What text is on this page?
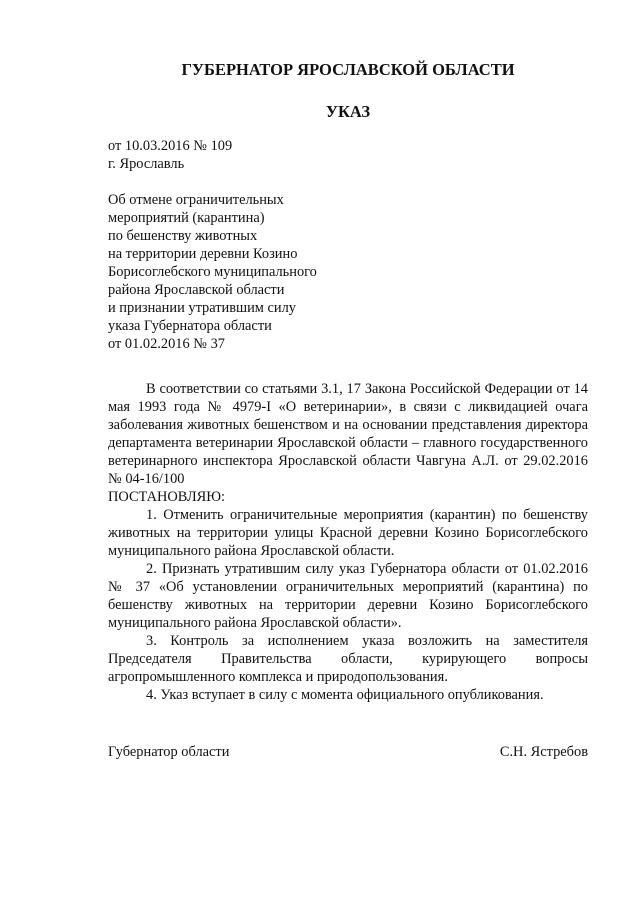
ГУБЕРНАТОР ЯРОСЛАВСКОЙ ОБЛАСТИ
УКАЗ
от 10.03.2016 № 109
г. Ярославль
Об отмене ограничительных
мероприятий (карантина)
по бешенству животных
на территории деревни Козино
Борисоглебского муниципального
района Ярославской области
и признании утратившим силу
указа Губернатора области
от 01.02.2016 № 37

В соответствии со статьями 3.1, 17 Закона Российской Федерации от 14 мая 1993 года № 4979-I «О ветеринарии», в связи с ликвидацией очага заболевания животных бешенством и на основании представления директора департамента ветеринарии Ярославской области – главного государственного ветеринарного инспектора Ярославской области Чавгуна А.Л. от 29.02.2016 № 04-16/100

ПОСТАНОВЛЯЮ:

1. Отменить ограничительные мероприятия (карантин) по бешенству животных на территории улицы Красной деревни Козино Борисоглебского муниципального района Ярославской области.

2. Признать утратившим силу указ Губернатора области от 01.02.2016 № 37 «Об установлении ограничительных мероприятий (карантина) по бешенству животных на территории деревни Козино Борисоглебского муниципального района Ярославской области».

3. Контроль за исполнением указа возложить на заместителя Председателя Правительства области, курирующего вопросы агропромышленного комплекса и природопользования.

4. Указ вступает в силу с момента официального опубликования.

Губернатор области	С.Н. Ястребов
